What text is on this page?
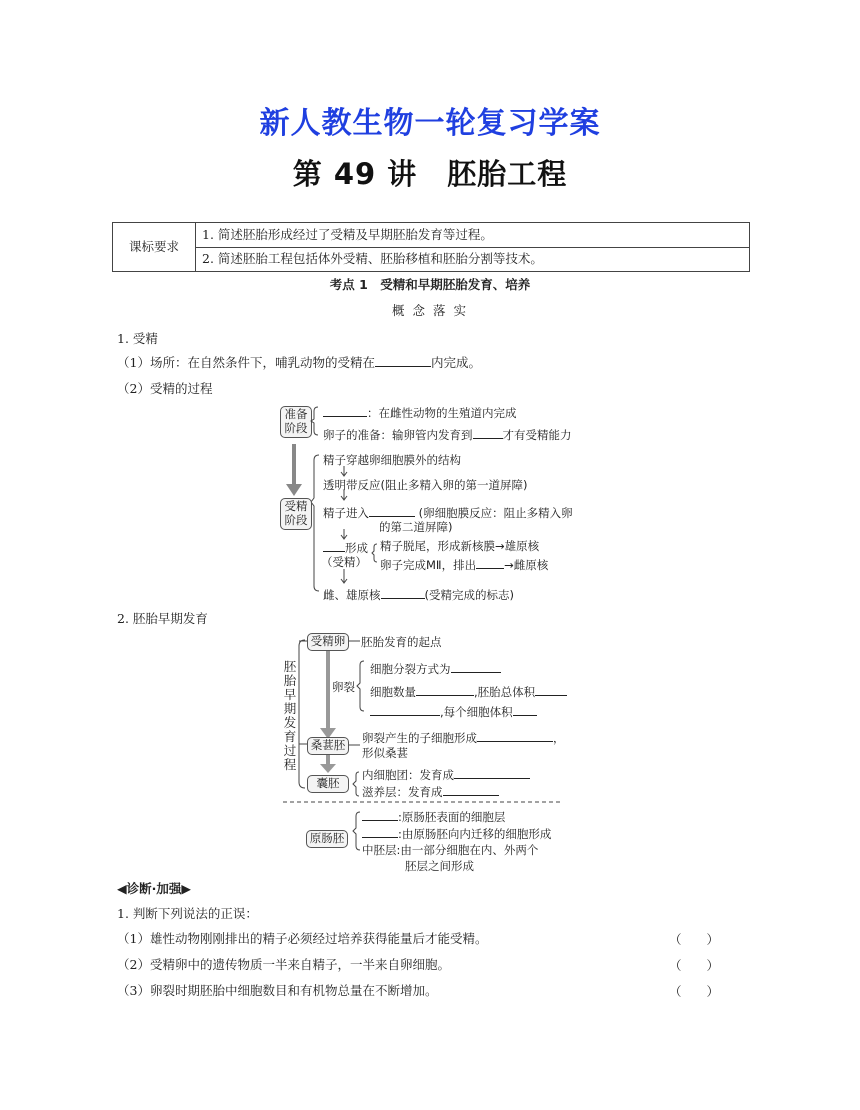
新人教生物一轮复习学案
第 49 讲　胚胎工程
课标要求	1. 简述胚胎形成经过了受精及早期胚胎发育等过程。
2. 简述胚胎工程包括体外受精、胚胎移植和胚胎分割等技术。
考点 1　受精和早期胚胎发育、培养
概 念 落 实
1. 受精
（1）场所：在自然条件下，哺乳动物的受精在	内完成。
（2）受精的过程
准备
阶段
：在雌性动物的生殖道内完成
卵子的准备：输卵管内发育到	才有受精能力
受精
阶段
精子穿越卵细胞膜外的结构
透明带反应(阻止多精入卵的第一道屏障)
精子进入	(卵细胞膜反应：阻止多精入卵
的第二道屏障)
形成
（受精）
精子脱尾，形成新核膜→雄原核
卵子完成MⅡ，排出 →雌原核
雌、雄原核	(受精完成的标志)
2. 胚胎早期发育
胚胎早期发育过程
受精卵	胚胎发育的起点
卵裂
细胞分裂方式为
细胞数量	,胚胎总体积
,每个细胞体积
桑葚胚	卵裂产生的子细胞形成	，
形似桑葚
囊胚
内细胞团：发育成
滋养层：发育成
原肠胚
:原肠胚表面的细胞层
:由原肠胚向内迁移的细胞形成
中胚层:由一部分细胞在内、外两个
胚层之间形成
◀诊断·加强▶
1. 判断下列说法的正误：
（1）雄性动物刚刚排出的精子必须经过培养获得能量后才能受精。	（　　）
（2）受精卵中的遗传物质一半来自精子，一半来自卵细胞。	（　　）
（3）卵裂时期胚胎中细胞数目和有机物总量在不断增加。	（　　）
